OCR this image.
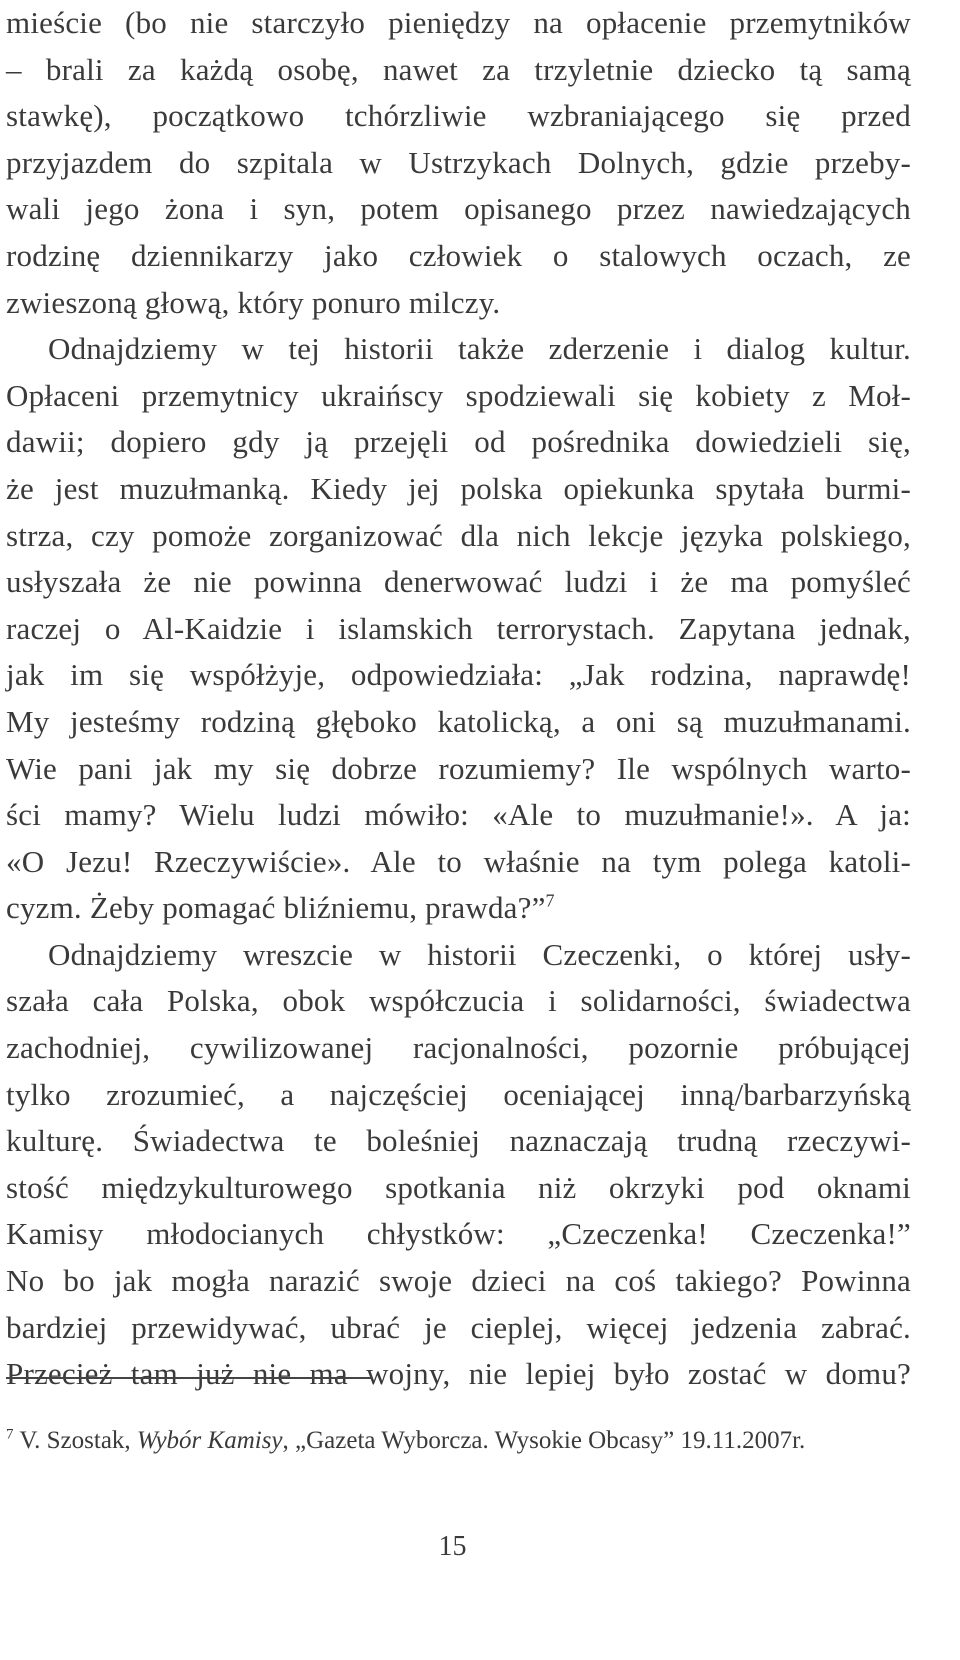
mieście (bo nie starczyło pieniędzy na opłacenie przemytników
– brali za każdą osobę, nawet za trzyletnie dziecko tą samą
stawkę), początkowo tchórzliwie wzbraniającego się przed
przyjazdem do szpitala w Ustrzykach Dolnych, gdzie przeby-
wali jego żona i syn, potem opisanego przez nawiedzających
rodzinę dziennikarzy jako człowiek o stalowych oczach, ze
zwieszoną głową, który ponuro milczy.
Odnajdziemy w tej historii także zderzenie i dialog kultur.
Opłaceni przemytnicy ukraińscy spodziewali się kobiety z Moł-
dawii; dopiero gdy ją przejęli od pośrednika dowiedzieli się,
że jest muzułmanką. Kiedy jej polska opiekunka spytała burmi-
strza, czy pomoże zorganizować dla nich lekcje języka polskiego,
usłyszała że nie powinna denerwować ludzi i że ma pomyśleć
raczej o Al-Kaidzie i islamskich terrorystach. Zapytana jednak,
jak im się współżyje, odpowiedziała: „Jak rodzina, naprawdę!
My jesteśmy rodziną głęboko katolicką, a oni są muzułmanami.
Wie pani jak my się dobrze rozumiemy? Ile wspólnych warto-
ści mamy? Wielu ludzi mówiło: «Ale to muzułmanie!». A ja:
«O Jezu! Rzeczywiście». Ale to właśnie na tym polega katoli-
cyzm. Żeby pomagać bliźniemu, prawda?”$^7$
Odnajdziemy wreszcie w historii Czeczenki, o której usły-
szała cała Polska, obok współczucia i solidarności, świadectwa
zachodniej, cywilizowanej racjonalności, pozornie próbującej
tylko zrozumieć, a najczęściej oceniającej inną/barbarzyńską
kulturę. Świadectwa te boleśniej naznaczają trudną rzeczywi-
stość międzykulturowego spotkania niż okrzyki pod oknami
Kamisy młodocianych chłystków: „Czeczenka! Czeczenka!”
No bo jak mogła narazić swoje dzieci na coś takiego? Powinna
bardziej przewidywać, ubrać je cieplej, więcej jedzenia zabrać.
Przecież tam już nie ma wojny, nie lepiej było zostać w domu?
$^7$ V. Szostak, Wybór Kamisy, „Gazeta Wyborcza. Wysokie Obcasy” 19.11.2007r.
15
